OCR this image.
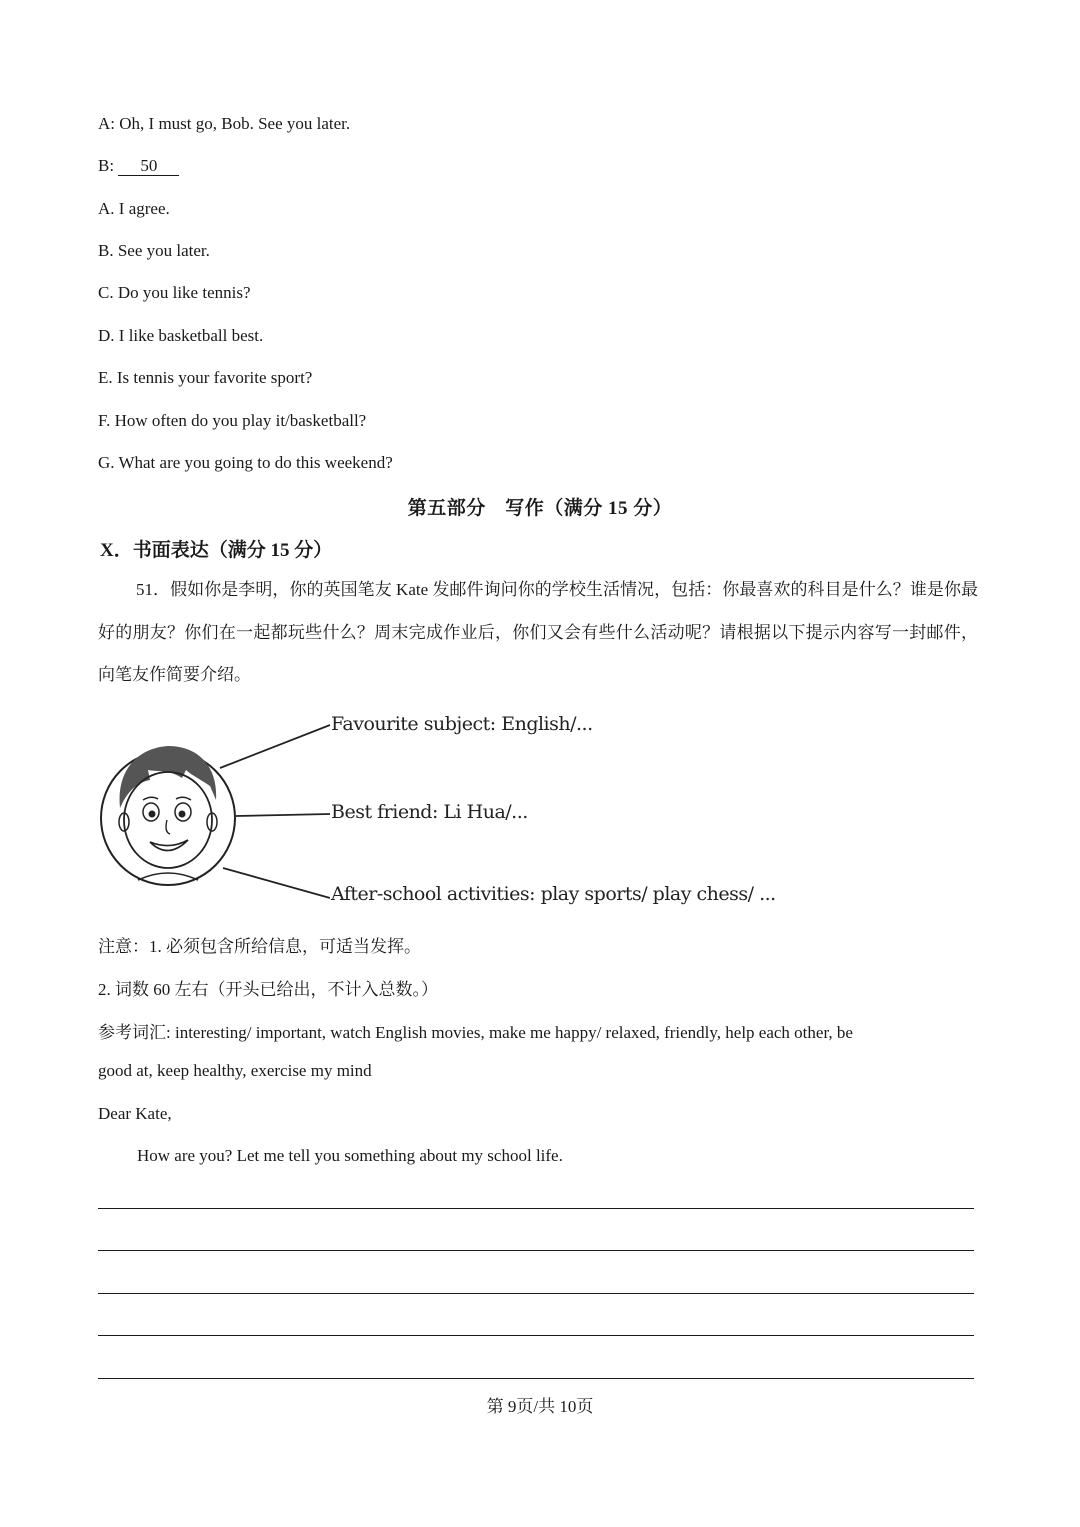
A: Oh, I must go, Bob. See you later.
B: 50
A. I agree.
B. See you later.
C. Do you like tennis?
D. I like basketball best.
E. Is tennis your favorite sport?
F. How often do you play it/basketball?
G. What are you going to do this weekend?
第五部分　写作（满分 15 分）
X．书面表达（满分 15 分）
51．假如你是李明，你的英国笔友 Kate 发邮件询问你的学校生活情况，包括：你最喜欢的科目是什么？谁是你最好的朋友？你们在一起都玩些什么？周末完成作业后，你们又会有些什么活动呢？请根据以下提示内容写一封邮件，向笔友作简要介绍。
Favourite subject: English/...
Best friend: Li Hua/...
After-school activities: play sports/ play chess/ ...
注意：1. 必须包含所给信息，可适当发挥。
2. 词数 60 左右（开头已给出，不计入总数。）
参考词汇: interesting/ important, watch English movies, make me happy/ relaxed, friendly, help each other, be
good at, keep healthy, exercise my mind
Dear Kate,
How are you? Let me tell you something about my school life.
第 9页/共 10页
